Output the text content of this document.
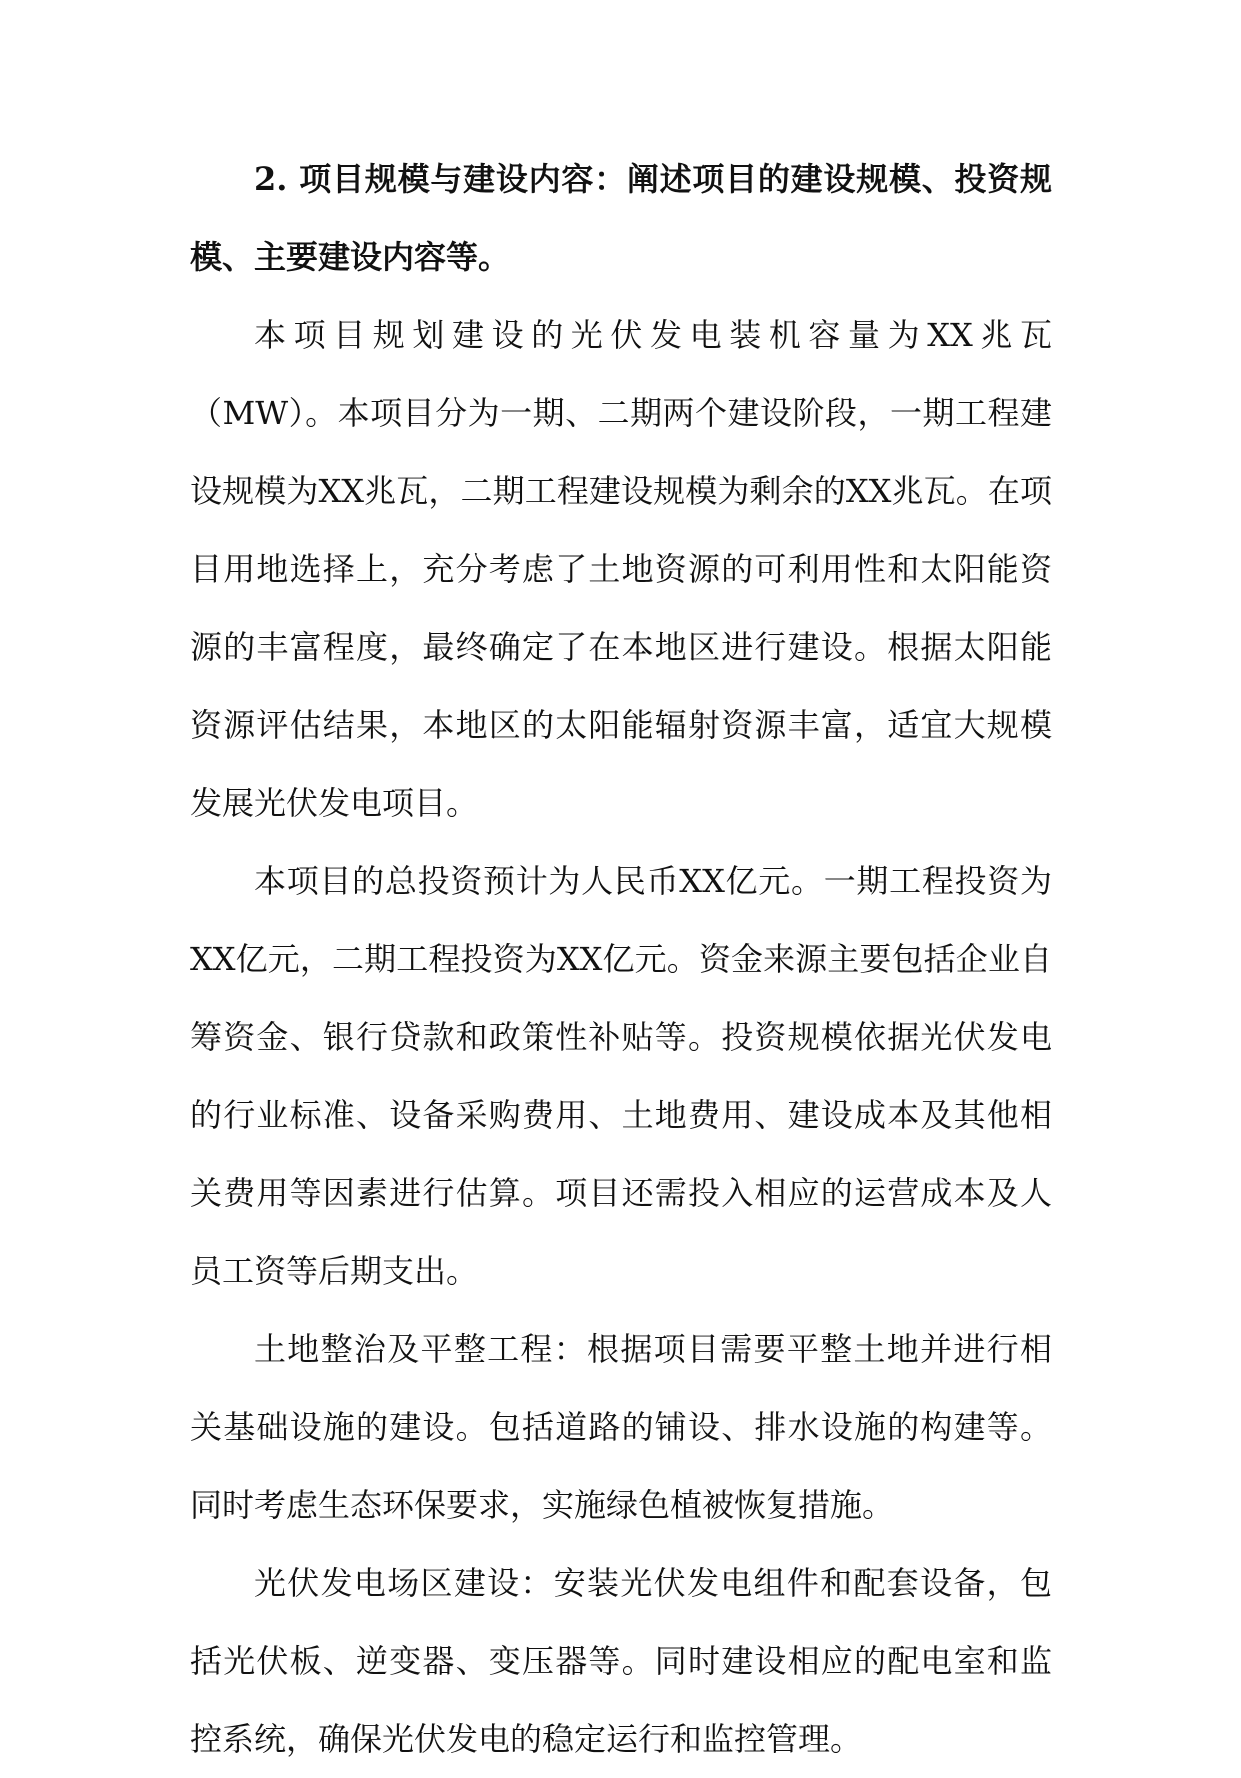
2. 项目规模与建设内容：阐述项目的建设规模、投资规模、主要建设内容等。

本项目规划建设的光伏发电装机容量为XX兆瓦（MW）。本项目分为一期、二期两个建设阶段，一期工程建设规模为XX兆瓦，二期工程建设规模为剩余的XX兆瓦。在项目用地选择上，充分考虑了土地资源的可利用性和太阳能资源的丰富程度，最终确定了在本地区进行建设。根据太阳能资源评估结果，本地区的太阳能辐射资源丰富，适宜大规模发展光伏发电项目。

本项目的总投资预计为人民币XX亿元。一期工程投资为XX亿元，二期工程投资为XX亿元。资金来源主要包括企业自筹资金、银行贷款和政策性补贴等。投资规模依据光伏发电的行业标准、设备采购费用、土地费用、建设成本及其他相关费用等因素进行估算。项目还需投入相应的运营成本及人员工资等后期支出。

土地整治及平整工程：根据项目需要平整土地并进行相关基础设施的建设。包括道路的铺设、排水设施的构建等。同时考虑生态环保要求，实施绿色植被恢复措施。

光伏发电场区建设：安装光伏发电组件和配套设备，包括光伏板、逆变器、变压器等。同时建设相应的配电室和监控系统，确保光伏发电的稳定运行和监控管理。
